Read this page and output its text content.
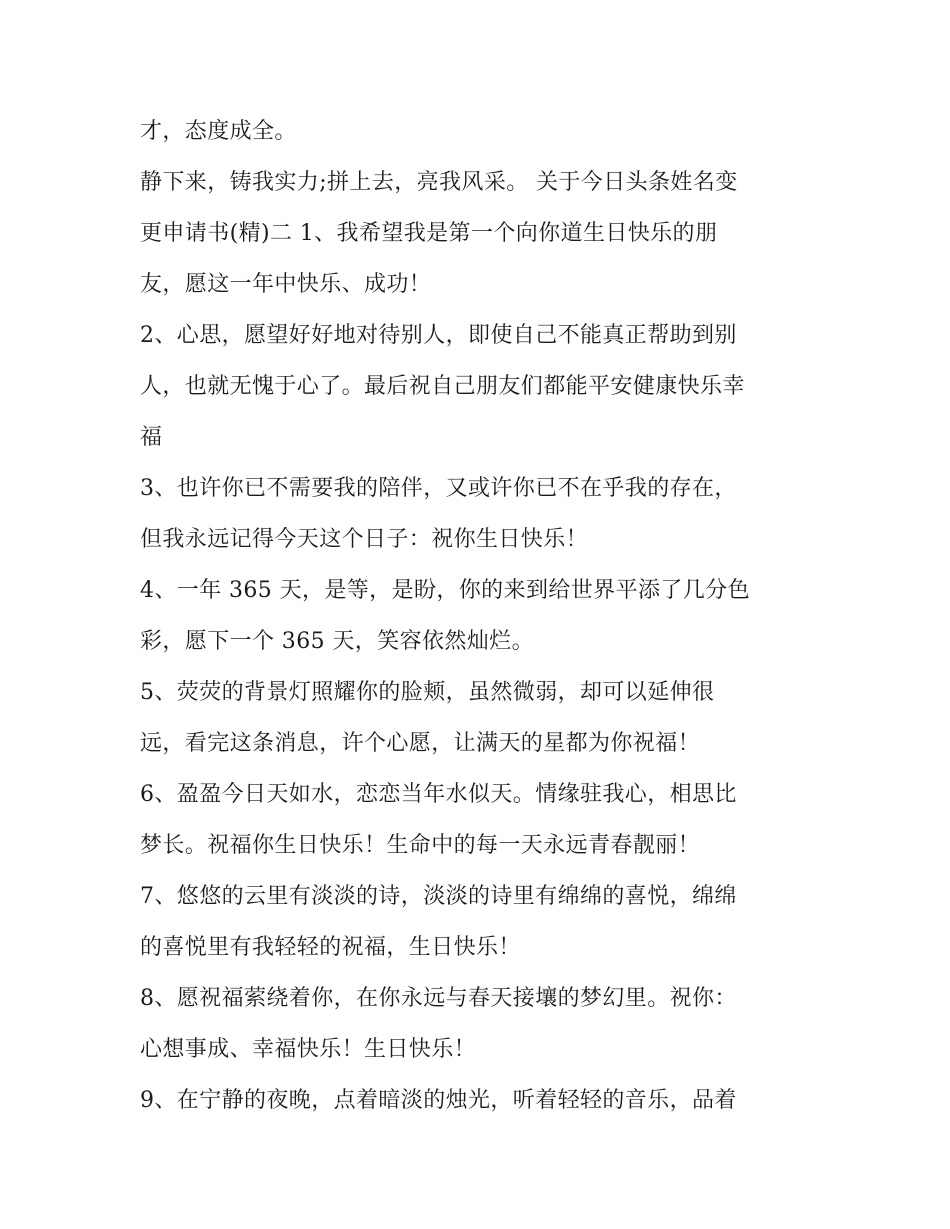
才，态度成全。
静下来，铸我实力;拼上去，亮我风采。 关于今日头条姓名变
更申请书(精)二 1、我希望我是第一个向你道生日快乐的朋
友，愿这一年中快乐、成功！
2、心思，愿望好好地对待别人，即使自己不能真正帮助到别
人，也就无愧于心了。最后祝自己朋友们都能平安健康快乐幸
福
3、也许你已不需要我的陪伴，又或许你已不在乎我的存在，
但我永远记得今天这个日子：祝你生日快乐！
4、一年 365 天，是等，是盼，你的来到给世界平添了几分色
彩，愿下一个 365 天，笑容依然灿烂。
5、荧荧的背景灯照耀你的脸颊，虽然微弱，却可以延伸很
远，看完这条消息，许个心愿，让满天的星都为你祝福！
6、盈盈今日天如水，恋恋当年水似天。情缘驻我心，相思比
梦长。祝福你生日快乐！生命中的每一天永远青春靓丽！
7、悠悠的云里有淡淡的诗，淡淡的诗里有绵绵的喜悦，绵绵
的喜悦里有我轻轻的祝福，生日快乐！
8、愿祝福萦绕着你，在你永远与春天接壤的梦幻里。祝你：
心想事成、幸福快乐！生日快乐！
9、在宁静的夜晚，点着暗淡的烛光，听着轻轻的音乐，品着
